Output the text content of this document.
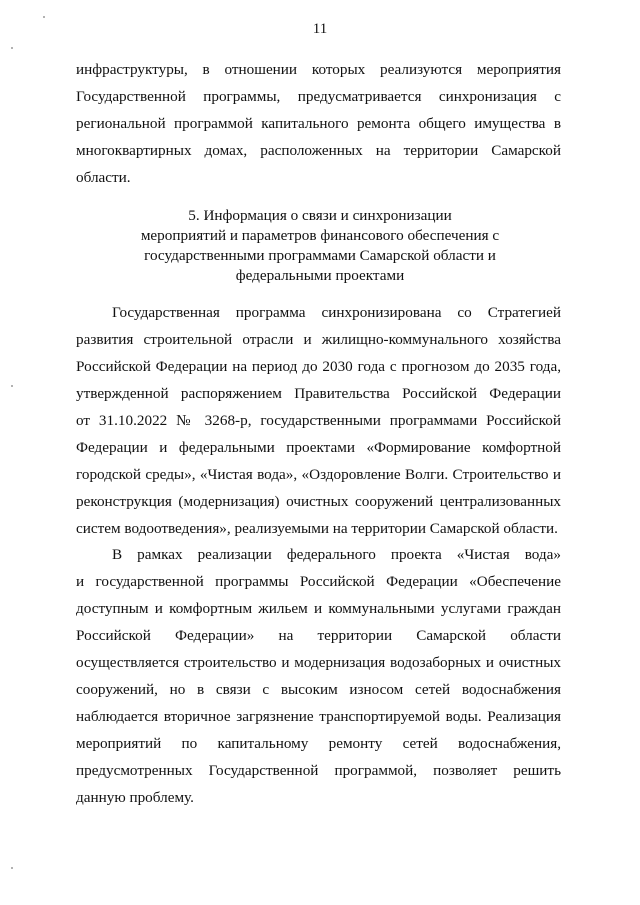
11
инфраструктуры, в отношении которых реализуются мероприятия
Государственной программы, предусматривается синхронизация с
региональной программой капитального ремонта общего имущества в
многоквартирных домах, расположенных на территории Самарской
области.
5. Информация о связи и синхронизации
мероприятий и параметров финансового обеспечения с
государственными программами Самарской области и
федеральными проектами
Государственная программа синхронизирована со Стратегией
развития строительной отрасли и жилищно-коммунального хозяйства
Российской Федерации на период до 2030 года с прогнозом до 2035 года,
утвержденной распоряжением Правительства Российской Федерации
от 31.10.2022 № 3268-р, государственными программами Российской
Федерации и федеральными проектами «Формирование комфортной
городской среды», «Чистая вода», «Оздоровление Волги. Строительство и
реконструкция (модернизация) очистных сооружений централизованных
систем водоотведения», реализуемыми на территории Самарской области.
В рамках реализации федерального проекта «Чистая вода»
и государственной программы Российской Федерации «Обеспечение
доступным и комфортным жильем и коммунальными услугами граждан
Российской Федерации» на территории Самарской области
осуществляется строительство и модернизация водозаборных и очистных
сооружений, но в связи с высоким износом сетей водоснабжения
наблюдается вторичное загрязнение транспортируемой воды. Реализация
мероприятий по капитальному ремонту сетей водоснабжения,
предусмотренных Государственной программой, позволяет решить
данную проблему.
